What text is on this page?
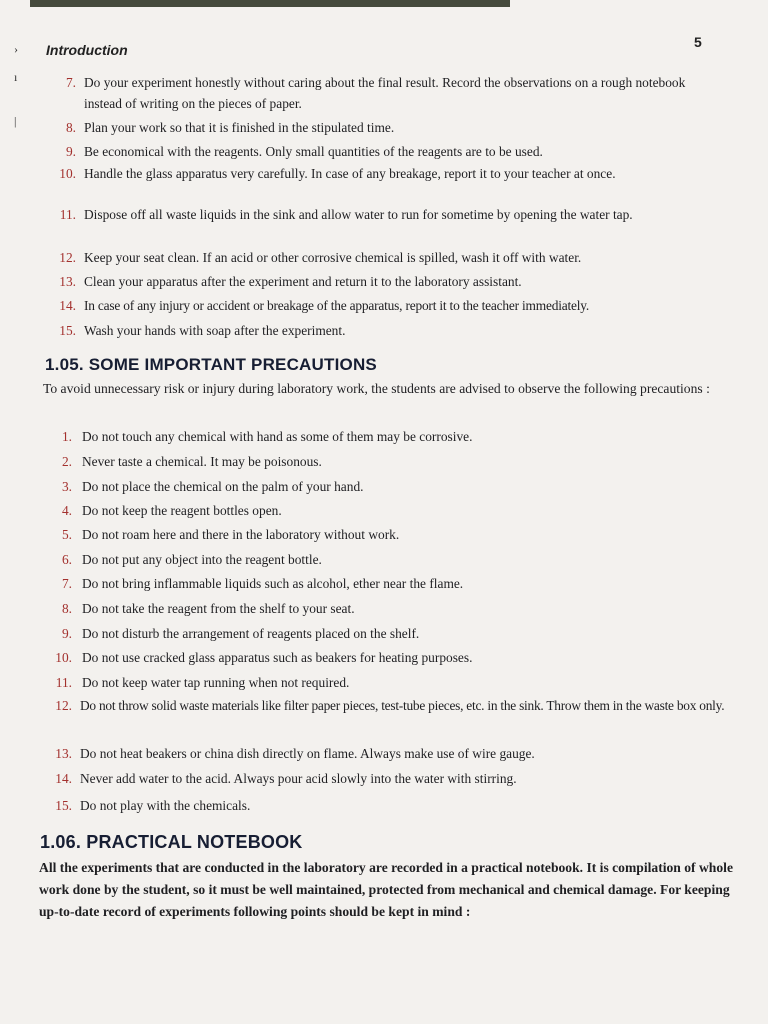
›
ı
|
Introduction	5
7. Do your experiment honestly without caring about the final result. Record the observations on a rough notebook instead of writing on the pieces of paper.
8. Plan your work so that it is finished in the stipulated time.
9. Be economical with the reagents. Only small quantities of the reagents are to be used.
10. Handle the glass apparatus very carefully. In case of any breakage, report it to your teacher at once.
11. Dispose off all waste liquids in the sink and allow water to run for sometime by opening the water tap.
12. Keep your seat clean. If an acid or other corrosive chemical is spilled, wash it off with water.
13. Clean your apparatus after the experiment and return it to the laboratory assistant.
14. In case of any injury or accident or breakage of the apparatus, report it to the teacher immediately.
15. Wash your hands with soap after the experiment.
1.05. SOME IMPORTANT PRECAUTIONS

To avoid unnecessary risk or injury during laboratory work, the students are advised to observe the following precautions :

1. Do not touch any chemical with hand as some of them may be corrosive.
2. Never taste a chemical. It may be poisonous.
3. Do not place the chemical on the palm of your hand.
4. Do not keep the reagent bottles open.
5. Do not roam here and there in the laboratory without work.
6. Do not put any object into the reagent bottle.
7. Do not bring inflammable liquids such as alcohol, ether near the flame.
8. Do not take the reagent from the shelf to your seat.
9. Do not disturb the arrangement of reagents placed on the shelf.
10. Do not use cracked glass apparatus such as beakers for heating purposes.
11. Do not keep water tap running when not required.
12. Do not throw solid waste materials like filter paper pieces, test-tube pieces, etc. in the sink. Throw them in the waste box only.
13. Do not heat beakers or china dish directly on flame. Always make use of wire gauge.
14. Never add water to the acid. Always pour acid slowly into the water with stirring.
15. Do not play with the chemicals.
1.06. PRACTICAL NOTEBOOK

All the experiments that are conducted in the laboratory are recorded in a practical notebook. It is compilation of whole work done by the student, so it must be well maintained, protected from mechanical and chemical damage. For keeping up-to-date record of experiments following points should be kept in mind :
